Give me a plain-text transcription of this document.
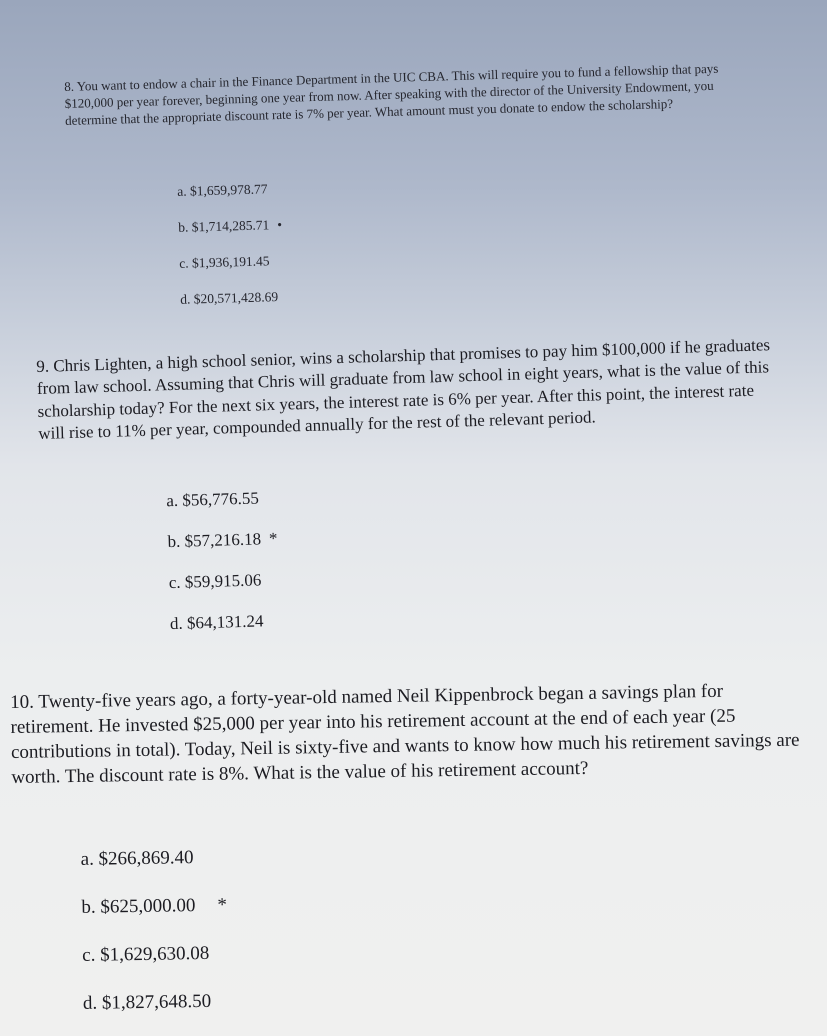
8. You want to endow a chair in the Finance Department in the UIC CBA. This will require you to fund a fellowship that pays $120,000 per year forever, beginning one year from now. After speaking with the director of the University Endowment, you determine that the appropriate discount rate is 7% per year. What amount must you donate to endow the scholarship?

a. $1,659,978.77
b. $1,714,285.71 •
c. $1,936,191.45
d. $20,571,428.69

9. Chris Lighten, a high school senior, wins a scholarship that promises to pay him $100,000 if he graduates from law school. Assuming that Chris will graduate from law school in eight years, what is the value of this scholarship today? For the next six years, the interest rate is 6% per year. After this point, the interest rate will rise to 11% per year, compounded annually for the rest of the relevant period.

a. $56,776.55
b. $57,216.18 *
c. $59,915.06
d. $64,131.24

10. Twenty-five years ago, a forty-year-old named Neil Kippenbrock began a savings plan for retirement. He invested $25,000 per year into his retirement account at the end of each year (25 contributions in total). Today, Neil is sixty-five and wants to know how much his retirement savings are worth. The discount rate is 8%. What is the value of his retirement account?

a. $266,869.40
b. $625,000.00 *
c. $1,629,630.08
d. $1,827,648.50
